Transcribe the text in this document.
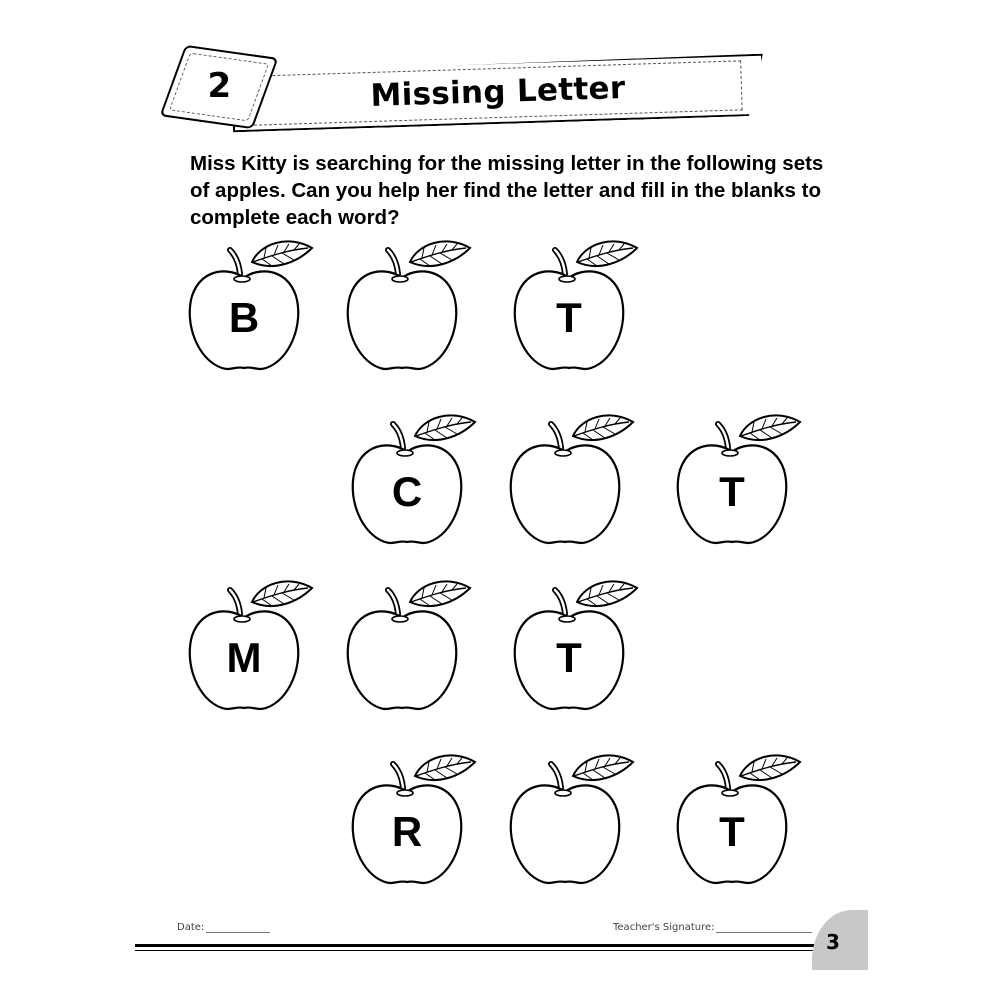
Missing Letter
2
Miss Kitty is searching for the missing letter in the following sets of apples. Can you help her find the letter and fill in the blanks to complete each word?
B	T
C	T
M	T
R	T
Date:	Teacher's Signature:
3
